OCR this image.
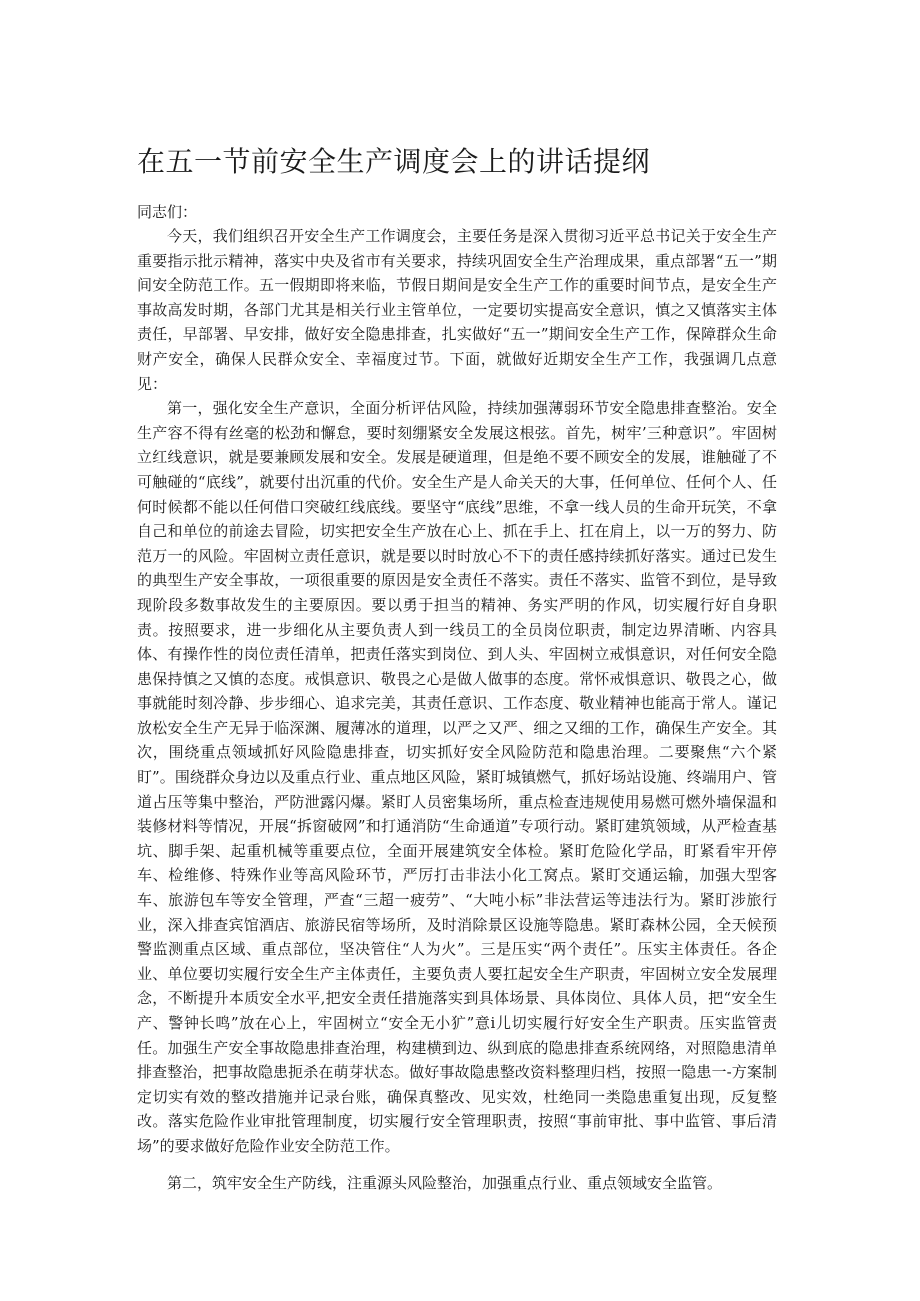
在五一节前安全生产调度会上的讲话提纲

同志们：

今天，我们组织召开安全生产工作调度会，主要任务是深入贯彻习近平总书记关于安全生产重要指示批示精神，落实中央及省市有关要求，持续巩固安全生产治理成果，重点部署“五一”期间安全防范工作。五一假期即将来临，节假日期间是安全生产工作的重要时间节点，是安全生产事故高发时期，各部门尤其是相关行业主管单位，一定要切实提高安全意识，慎之又慎落实主体责任，早部署、早安排，做好安全隐患排查，扎实做好“五一”期间安全生产工作，保障群众生命财产安全，确保人民群众安全、幸福度过节。下面，就做好近期安全生产工作，我强调几点意见：

第一，强化安全生产意识，全面分析评估风险，持续加强薄弱环节安全隐患排查整治。安全生产容不得有丝毫的松劲和懈怠，要时刻绷紧安全发展这根弦。首先，树牢’三种意识”。牢固树立红线意识，就是要兼顾发展和安全。发展是硬道理，但是绝不要不顾安全的发展，谁触碰了不可触碰的“底线”，就要付出沉重的代价。安全生产是人命关天的大事，任何单位、任何个人、任何时候都不能以任何借口突破红线底线。要坚守“底线”思维，不拿一线人员的生命开玩笑，不拿自己和单位的前途去冒险，切实把安全生产放在心上、抓在手上、扛在肩上，以一万的努力、防范万一的风险。牢固树立责任意识，就是要以时时放心不下的责任感持续抓好落实。通过已发生的典型生产安全事故，一项很重要的原因是安全责任不落实。责任不落实、监管不到位，是导致现阶段多数事故发生的主要原因。要以勇于担当的精神、务实严明的作风，切实履行好自身职责。按照要求，进一步细化从主要负责人到一线员工的全员岗位职责，制定边界清晰、内容具体、有操作性的岗位责任清单，把责任落实到岗位、到人头、牢固树立戒惧意识，对任何安全隐患保持慎之又慎的态度。戒惧意识、敬畏之心是做人做事的态度。常怀戒惧意识、敬畏之心，做事就能时刻冷静、步步细心、追求完美，其责任意识、工作态度、敬业精神也能高于常人。谨记放松安全生产无异于临深渊、履薄冰的道理，以严之又严、细之又细的工作，确保生产安全。其次，围绕重点领域抓好风险隐患排查，切实抓好安全风险防范和隐患治理。二要聚焦“六个紧盯”。围绕群众身边以及重点行业、重点地区风险，紧盯城镇燃气，抓好场站设施、终端用户、管道占压等集中整治，严防泄露闪爆。紧盯人员密集场所，重点检查违规使用易燃可燃外墙保温和装修材料等情况，开展“拆窗破网”和打通消防“生命通道”专项行动。紧盯建筑领域，从严检查基坑、脚手架、起重机械等重要点位，全面开展建筑安全体检。紧盯危险化学品，盯紧看牢开停车、检维修、特殊作业等高风险环节，严厉打击非法小化工窝点。紧盯交通运输，加强大型客车、旅游包车等安全管理，严查“三超一疲劳”、“大吨小标”非法营运等违法行为。紧盯涉旅行业，深入排查宾馆酒店、旅游民宿等场所，及时消除景区设施等隐患。紧盯森林公园，全天候预警监测重点区域、重点部位，坚决管住“人为火”。三是压实“两个责任”。压实主体责任。各企业、单位要切实履行安全生产主体责任，主要负责人要扛起安全生产职责，牢固树立安全发展理念，不断提升本质安全水平,把安全责任措施落实到具体场景、具体岗位、具体人员，把“安全生产、警钟长鸣”放在心上，牢固树立“安全无小犷”意i儿切实履行好安全生产职责。压实监管责任。加强生产安全事故隐患排查治理，构建横到边、纵到底的隐患排查系统网络，对照隐患清单排查整治，把事故隐患扼杀在萌芽状态。做好事故隐患整改资料整理归档，按照一隐患一-方案制定切实有效的整改措施并记录台账，确保真整改、见实效，杜绝同一类隐患重复出现，反复整改。落实危险作业审批管理制度，切实履行安全管理职责，按照“事前审批、事中监管、事后清场”的要求做好危险作业安全防范工作。

第二，筑牢安全生产防线，注重源头风险整治，加强重点行业、重点领域安全监管。
